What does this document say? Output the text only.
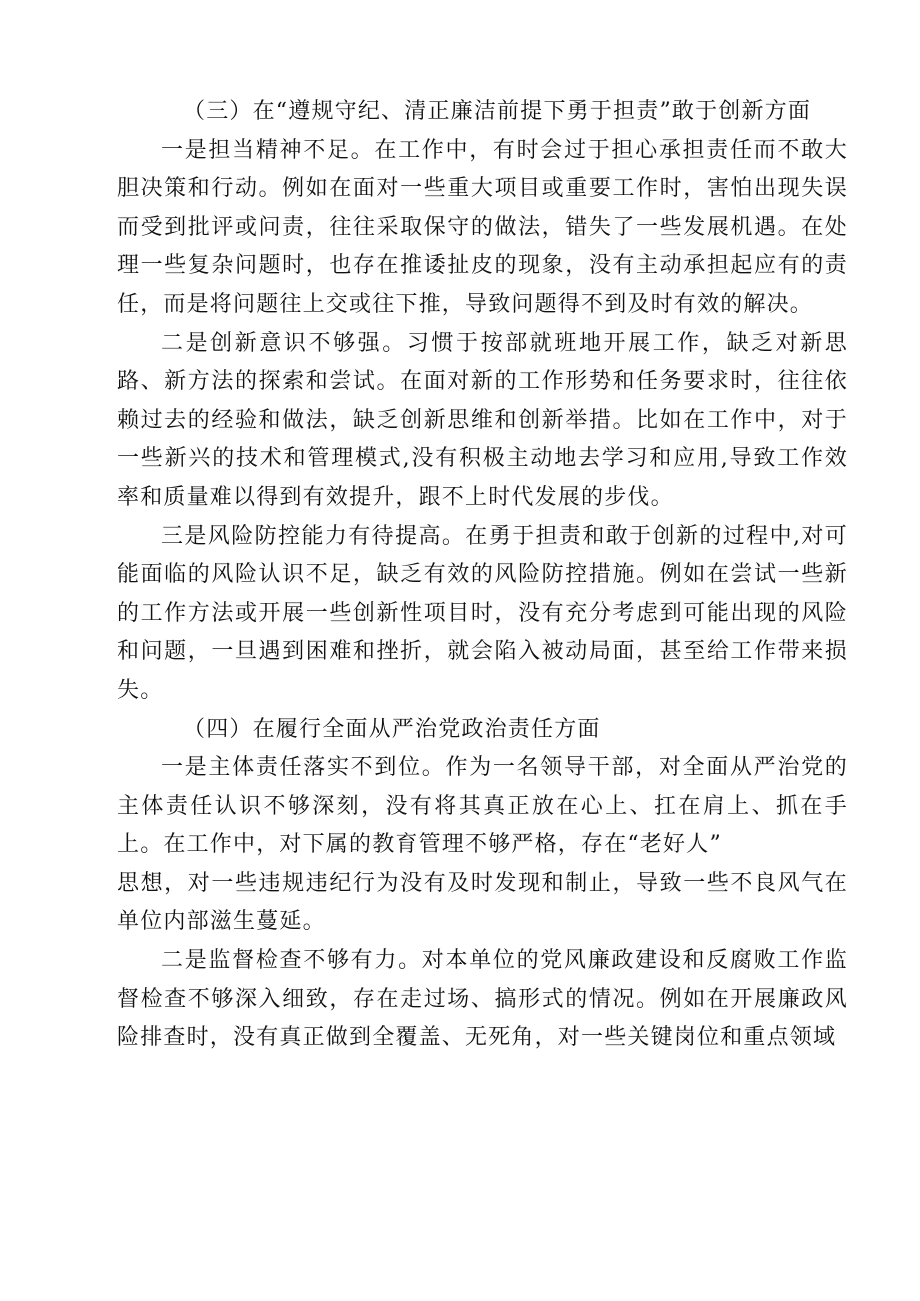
（三）在“遵规守纪、清正廉洁前提下勇于担责”敢于创新方面

一是担当精神不足。在工作中，有时会过于担心承担责任而不敢大胆决策和行动。例如在面对一些重大项目或重要工作时，害怕出现失误而受到批评或问责，往往采取保守的做法，错失了一些发展机遇。在处理一些复杂问题时，也存在推诿扯皮的现象，没有主动承担起应有的责任，而是将问题往上交或往下推，导致问题得不到及时有效的解决。

二是创新意识不够强。习惯于按部就班地开展工作，缺乏对新思路、新方法的探索和尝试。在面对新的工作形势和任务要求时，往往依赖过去的经验和做法，缺乏创新思维和创新举措。比如在工作中，对于一些新兴的技术和管理模式,没有积极主动地去学习和应用,导致工作效率和质量难以得到有效提升，跟不上时代发展的步伐。

三是风险防控能力有待提高。在勇于担责和敢于创新的过程中,对可能面临的风险认识不足，缺乏有效的风险防控措施。例如在尝试一些新的工作方法或开展一些创新性项目时，没有充分考虑到可能出现的风险和问题，一旦遇到困难和挫折，就会陷入被动局面，甚至给工作带来损失。

（四）在履行全面从严治党政治责任方面

一是主体责任落实不到位。作为一名领导干部，对全面从严治党的主体责任认识不够深刻，没有将其真正放在心上、扛在肩上、抓在手上。在工作中，对下属的教育管理不够严格，存在“老好人”
思想，对一些违规违纪行为没有及时发现和制止，导致一些不良风气在单位内部滋生蔓延。

二是监督检查不够有力。对本单位的党风廉政建设和反腐败工作监督检查不够深入细致，存在走过场、搞形式的情况。例如在开展廉政风险排查时，没有真正做到全覆盖、无死角，对一些关键岗位和重点领域
